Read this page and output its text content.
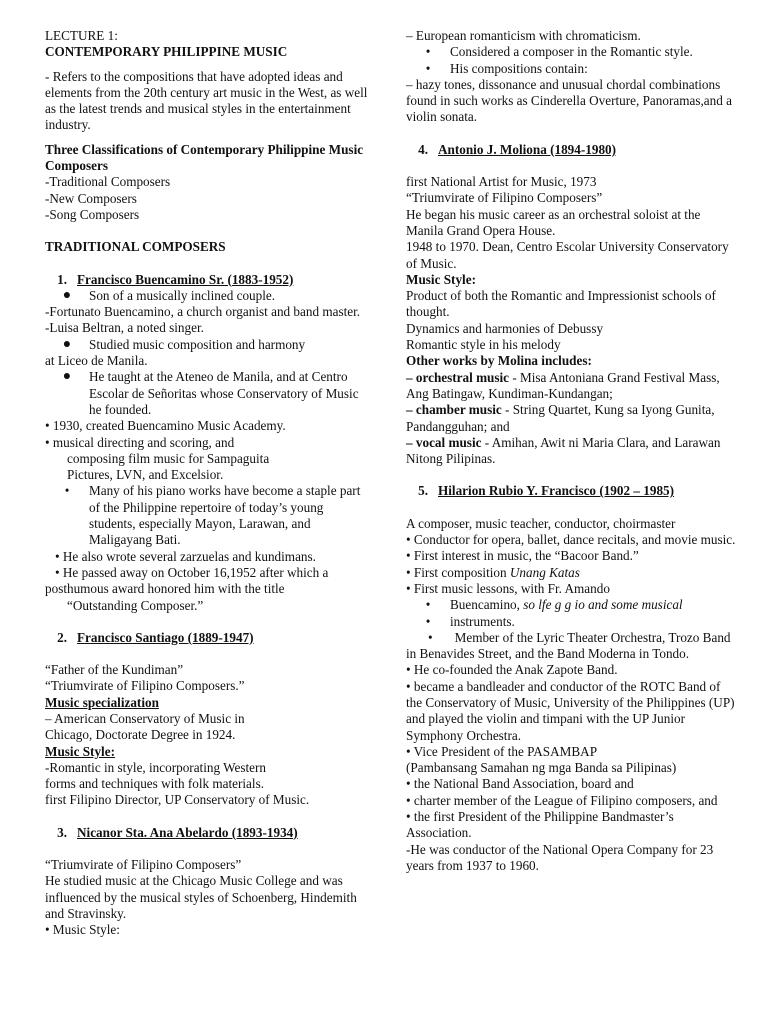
LECTURE 1:

CONTEMPORARY PHILIPPINE MUSIC

- Refers to the compositions that have adopted ideas and elements from the 20th century art music in the West, as well as the latest trends and musical styles in the entertainment industry.

Three Classifications of Contemporary Philippine Music Composers

-Traditional Composers

-New Composers

-Song Composers

TRADITIONAL COMPOSERS

1. Francisco Buencamino Sr. (1883-1952)
●	Son of a musically inclined couple.

-Fortunato Buencamino, a church organist and band master.

-Luisa Beltran, a noted singer.

●	Studied music composition and harmony

at Liceo de Manila.

●	He taught at the Ateneo de Manila, and at Centro Escolar de Señoritas whose Conservatory of Music he founded.

• 1930, created Buencamino Music Academy.

• musical directing and scoring, and

composing film music for Sampaguita

Pictures, LVN, and Excelsior.

•	Many of his piano works have become a staple part of the Philippine repertoire of today’s young students, especially Mayon, Larawan, and Maligayang Bati.

• He also wrote several zarzuelas and kundimans.

• He passed away on October 16,1952 after which a posthumous award honored him with the title

“Outstanding Composer.”

2. Francisco Santiago (1889-1947)

“Father of the Kundiman”

“Triumvirate of Filipino Composers.”

Music specialization

– American Conservatory of Music in

Chicago, Doctorate Degree in 1924.

Music Style:

-Romantic in style, incorporating Western

forms and techniques with folk materials.

first Filipino Director, UP Conservatory of Music.

3. Nicanor Sta. Ana Abelardo (1893-1934)

“Triumvirate of Filipino Composers”

He studied music at the Chicago Music College and was influenced by the musical styles of Schoenberg, Hindemith and Stravinsky.

• Music Style:

– European romanticism with chromaticism.

•	Considered a composer in the Romantic style.
•	His compositions contain:

– hazy tones, dissonance and unusual chordal combinations found in such works as Cinderella Overture, Panoramas,and a violin sonata.

4. Antonio J. Moliona (1894-1980)

first National Artist for Music, 1973

“Triumvirate of Filipino Composers”

He began his music career as an orchestral soloist at the Manila Grand Opera House.

1948 to 1970. Dean, Centro Escolar University Conservatory of Music.

Music Style:

Product of both the Romantic and Impressionist schools of thought.

Dynamics and harmonies of Debussy

Romantic style in his melody

Other works by Molina includes:

– orchestral music - Misa Antoniana Grand Festival Mass, Ang Batingaw, Kundiman-Kundangan;

– chamber music - String Quartet, Kung sa Iyong Gunita, Pandangguhan; and

– vocal music - Amihan, Awit ni Maria Clara, and Larawan Nitong Pilipinas.

5. Hilarion Rubio Y. Francisco (1902 – 1985)

A composer, music teacher, conductor, choirmaster

• Conductor for opera, ballet, dance recitals, and movie music.

• First interest in music, the “Bacoor Band.”

• First composition Unang Katas

• First music lessons, with Fr. Amando

•	Buencamino, so lfe g g io and some musical
•	instruments.

• Member of the Lyric Theater Orchestra, Trozo Band in Benavides Street, and the Band Moderna in Tondo.

• He co-founded the Anak Zapote Band.

• became a bandleader and conductor of the ROTC Band of the Conservatory of Music, University of the Philippines (UP) and played the violin and timpani with the UP Junior Symphony Orchestra.

• Vice President of the PASAMBAP

(Pambansang Samahan ng mga Banda sa Pilipinas)

• the National Band Association, board and

• charter member of the League of Filipino composers, and

• the first President of the Philippine Bandmaster’s Association.

-He was conductor of the National Opera Company for 23 years from 1937 to 1960.
